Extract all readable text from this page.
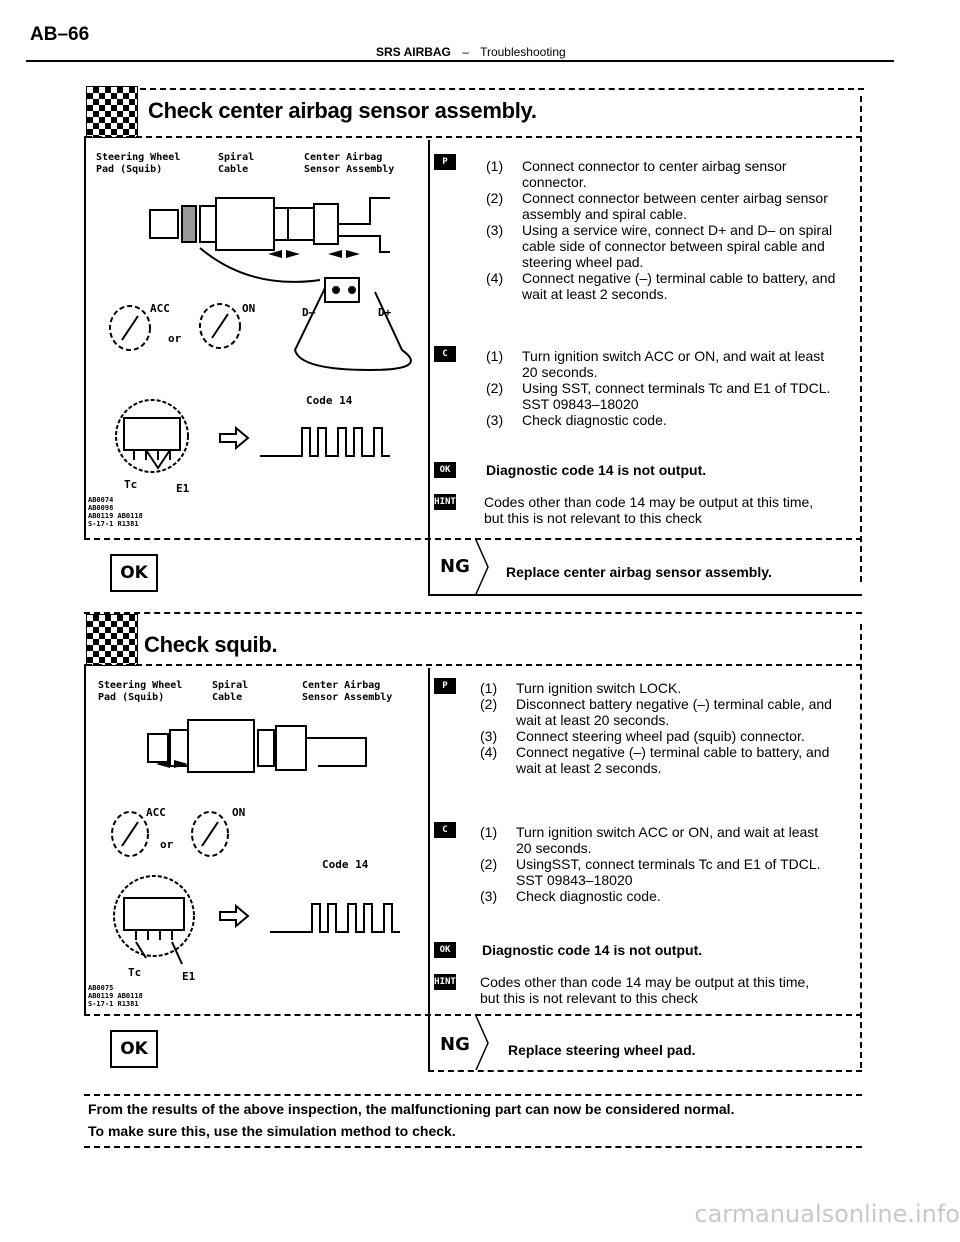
AB–66
SRS AIRBAG – Troubleshooting
Check center airbag sensor assembly.
Steering Wheel
Pad (Squib)
Spiral
Cable
Center Airbag
Sensor Assembly
D–	D+
ACC	ON
or
Code 14
Tc	E1
AB0074
AB0098
AB0119 AB0118
S-17-1 R1381
P	(1) Connect connector to center airbag sensor connector.
(2) Connect connector between center airbag sensor assembly and spiral cable.
(3) Using a service wire, connect D+ and D– on spiral cable side of connector between spiral cable and steering wheel pad.
(4) Connect negative (–) terminal cable to battery, and wait at least 2 seconds.
C	(1) Turn ignition switch ACC or ON, and wait at least 20 seconds.
(2) Using SST, connect terminals Tc and E1 of TDCL.
SST 09843–18020
(3) Check diagnostic code.
OK	Diagnostic code 14 is not output.
HINT Codes other than code 14 may be output at this time, but this is not relevant to this check
OK	NG	Replace center airbag sensor assembly.
Check squib.
Steering Wheel
Pad (Squib)
Spiral
Cable
Center Airbag
Sensor Assembly
ACC	ON
or
Code 14
Tc	E1
AB0075
AB0119 AB0118
S-17-1 R1381
P	(1) Turn ignition switch LOCK.
(2) Disconnect battery negative (–) terminal cable, and wait at least 20 seconds.
(3) Connect steering wheel pad (squib) connector.
(4) Connect negative (–) terminal cable to battery, and wait at least 2 seconds.
C	(1) Turn ignition switch ACC or ON, and wait at least 20 seconds.
(2) UsingSST, connect terminals Tc and E1 of TDCL.
SST 09843–18020
(3) Check diagnostic code.
OK	Diagnostic code 14 is not output.
HINT Codes other than code 14 may be output at this time, but this is not relevant to this check
OK	NG	Replace steering wheel pad.
From the results of the above inspection, the malfunctioning part can now be considered normal.
To make sure this, use the simulation method to check.
carmanualsonline.info
